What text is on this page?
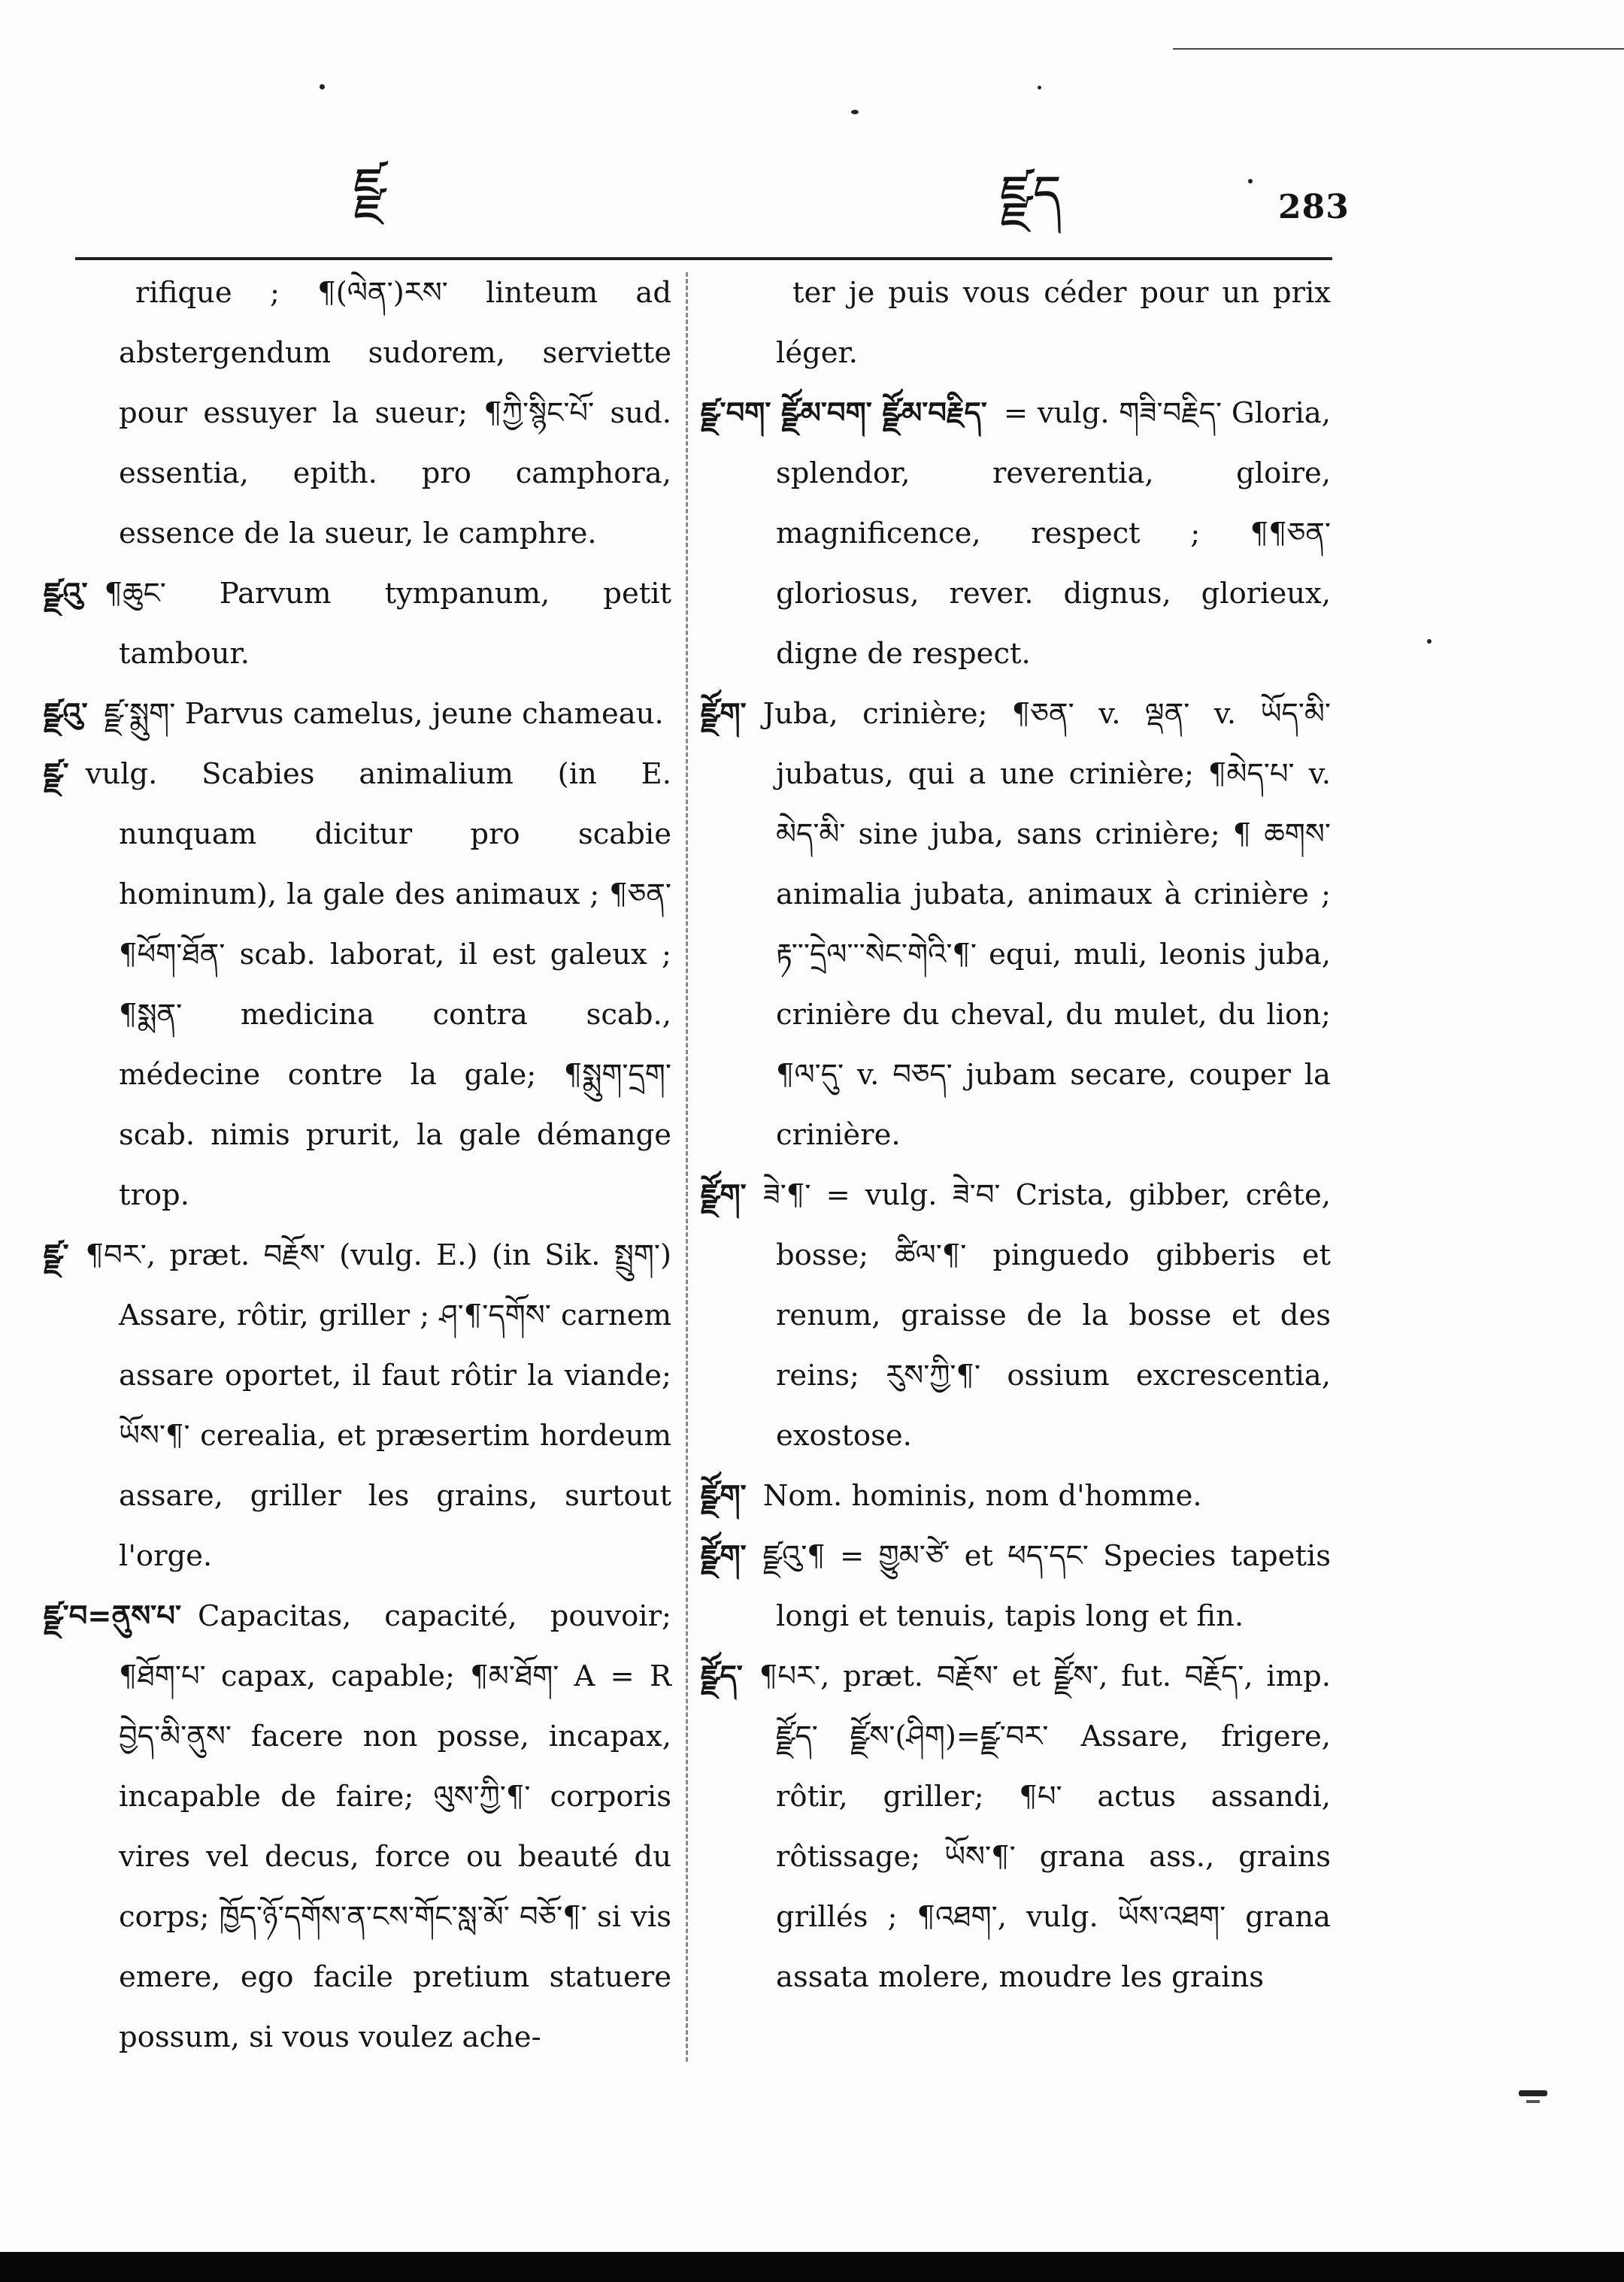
ཛྫ	ཛྫད	283
rifique ; ¶(ལེན་)རས་ linteum ad abstergendum sudorem, serviette pour essuyer la sueur; ¶ཀྱི་སྙིང་པོ་ sud. essentia, epith. pro camphora, essence de la sueur, le camphre.
ཛྫའུ་ ¶ཆུང་ Parvum tympanum, petit tambour.
ཛྫའུ་ ཛྫ་སྨུག་ Parvus camelus, jeune chameau.
ཛྫ་ vulg. Scabies animalium (in E. nunquam dicitur pro scabie hominum), la gale des animaux ; ¶ཅན་ ¶ཕོག་ཐོན་ scab. laborat, il est galeux ; ¶སྨན་ medicina contra scab., médecine contre la gale; ¶སྨུག་དྲག་ scab. nimis prurit, la gale démange trop.
ཛྫ་ ¶བར་, præt. བརྗོས་ (vulg. E.) (in Sik. སྤྲུག་) Assare, rôtir, griller ; ཤ་¶་དགོས་ carnem assare oportet, il faut rôtir la viande; ཡོས་¶་ cerealia, et præsertim hordeum assare, griller les grains, surtout l'orge.
ཛྫ་བ=ནུས་པ་ Capacitas, capacité, pouvoir; ¶ཐོག་པ་ capax, capable; ¶མ་ཐོག་ A = R བྱེད་མི་ནུས་ facere non posse, incapax, incapable de faire; ལུས་ཀྱི་¶་ corporis vires vel decus, force ou beauté du corps; ཁྱོད་ཉོ་དགོས་ན་ངས་གོང་སླ་མོ་ བཅོ་¶་ si vis emere, ego facile pretium statuere possum, si vous voulez ache-
ter je puis vous céder pour un prix léger.
ཛྫ་བག་ ཛྫོམ་བག་ ཛྫོམ་བརྗིད་ = vulg. གཟི་བརྗིད་ Gloria, splendor, reverentia, gloire, magnificence, respect ; ¶¶ཅན་ gloriosus, rever. dignus, glorieux, digne de respect.
ཛྫོག་ Juba, crinière; ¶ཅན་ v. ལྡན་ v. ཡོད་མི་ jubatus, qui a une crinière; ¶མེད་པ་ v. མེད་མི་ sine juba, sans crinière; ¶ ཆགས་ animalia jubata, animaux à crinière ; རྟ་་་དྲེལ་་་སེང་གེའི་¶་ equi, muli, leonis juba, crinière du cheval, du mulet, du lion; ¶ལ་དུ་ v. བཅད་ jubam secare, couper la crinière.
ཛྫོག་ ཟེ་¶་ = vulg. ཟེ་བ་ Crista, gibber, crête, bosse; ཚིལ་¶་ pinguedo gibberis et renum, graisse de la bosse et des reins; རུས་ཀྱི་¶་ ossium excrescentia, exostose.
ཛྫོག་ Nom. hominis, nom d'homme.
ཛྫོག་ ཛྫའུ་¶ = གྱུམ་ཙེ་ et ཕད་དང་ Species tapetis longi et tenuis, tapis long et fin.
ཛྫོད་ ¶པར་, præt. བརྗོས་ et ཛྫོས་, fut. བརྗོད་, imp. ཛྫོད་ ཛྫོས་(ཤིག)=ཛྫ་བར་ Assare, frigere, rôtir, griller; ¶པ་ actus assandi, rôtissage; ཡོས་¶་ grana ass., grains grillés ; ¶འཐག་, vulg. ཡོས་འཐག་ grana assata molere, moudre les grains
